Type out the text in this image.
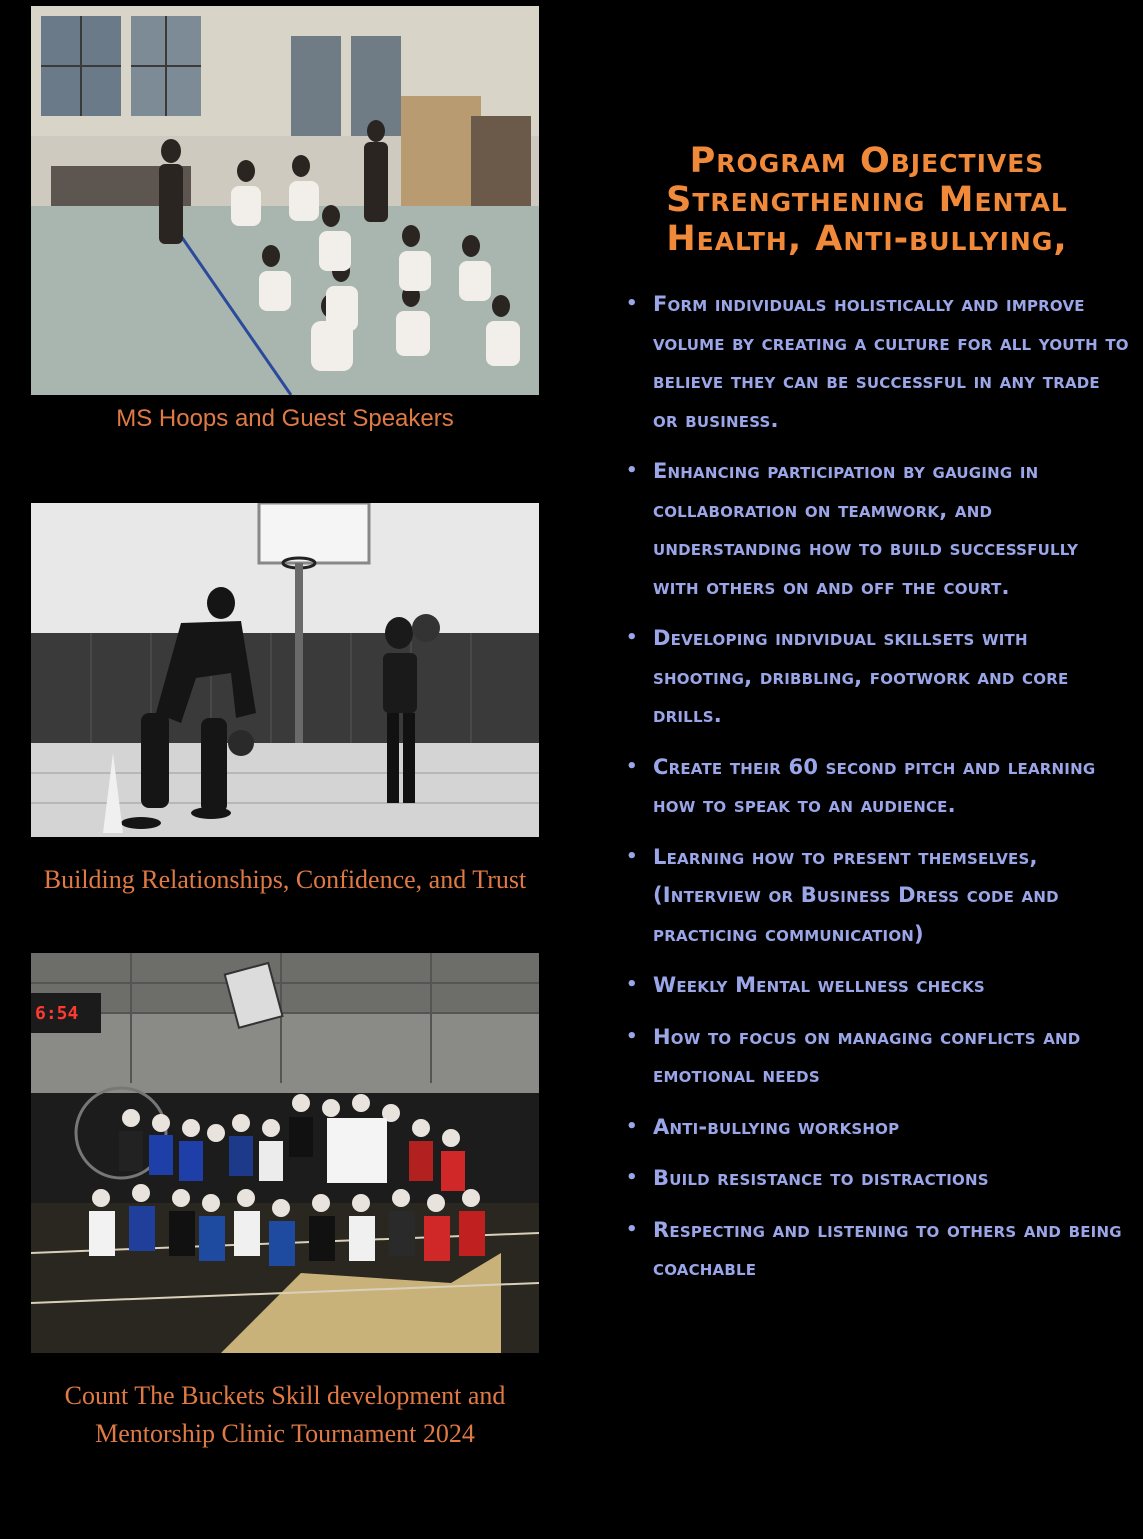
MS Hoops and Guest Speakers
Building Relationships, Confidence, and Trust
6:54
Count The Buckets Skill development and Mentorship Clinic Tournament 2024
Program Objectives Strengthening Mental Health, Anti-bullying,
• Form individuals holistically and improve volume by creating a culture for all youth to believe they can be successful in any trade or business.
• Enhancing participation by gauging in collaboration on teamwork, and understanding how to build successfully with others on and off the court.
• Developing individual skillsets with shooting, dribbling, footwork and core drills.
• Create their 60 second pitch and learning how to speak to an audience.
• Learning how to present themselves, (Interview or Business Dress code and practicing communication)
• Weekly Mental wellness checks
• How to focus on managing conflicts and emotional needs
• Anti-bullying workshop
• Build resistance to distractions
• Respecting and listening to others and being coachable
